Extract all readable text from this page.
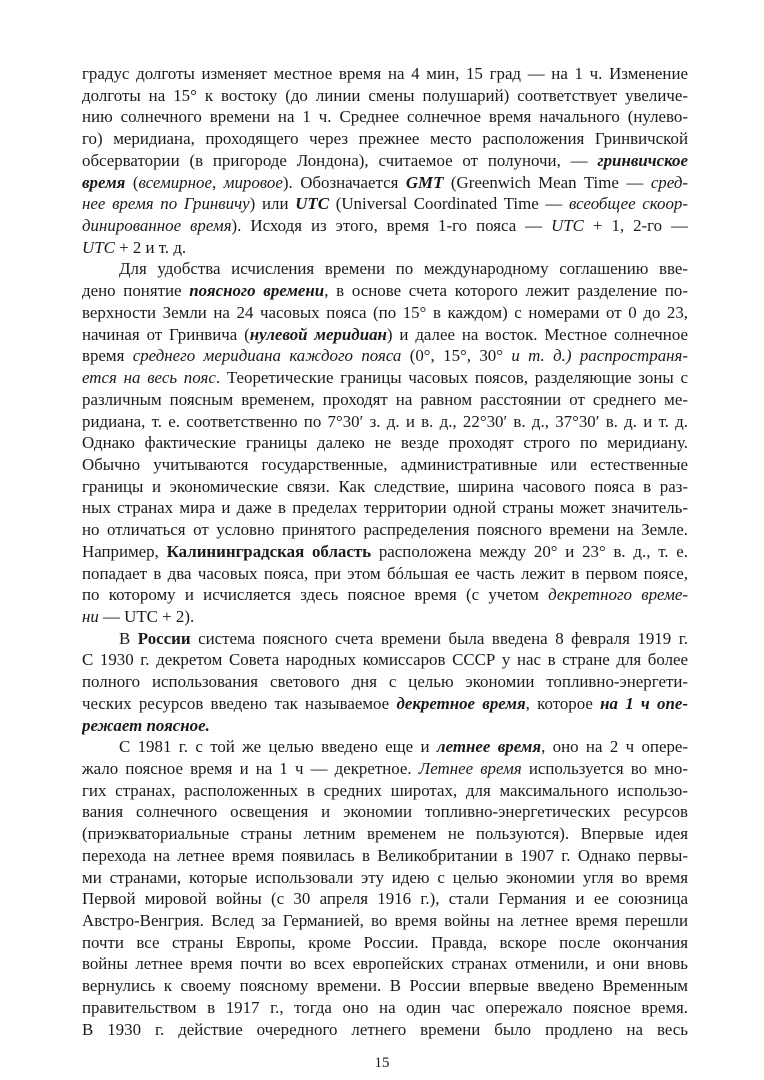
градус долготы изменяет местное время на 4 мин, 15 град — на 1 ч. Изменение
долготы на 15° к востоку (до линии смены полушарий) соответствует увеличе-
нию солнечного времени на 1 ч. Среднее солнечное время начального (нулево-
го) меридиана, проходящего через прежнее место расположения Гринвичской
обсерватории (в пригороде Лондона), считаемое от полуночи, — гринвичское
время (всемирное, мировое). Обозначается GMT (Greenwich Mean Time — сред-
нее время по Гринвичу) или UTC (Universal Coordinated Time — всеобщее скоор-
динированное время). Исходя из этого, время 1-го пояса — UTC + 1, 2-го —
UTC + 2 и т. д.
Для удобства исчисления времени по международному соглашению вве-
дено понятие поясного времени, в основе счета которого лежит разделение по-
верхности Земли на 24 часовых пояса (по 15° в каждом) с номерами от 0 до 23,
начиная от Гринвича (нулевой меридиан) и далее на восток. Местное солнечное
время среднего меридиана каждого пояса (0°, 15°, 30° и т. д.) распространя-
ется на весь пояс. Теоретические границы часовых поясов, разделяющие зоны с
различным поясным временем, проходят на равном расстоянии от среднего ме-
ридиана, т. е. соответственно по 7°30′ з. д. и в. д., 22°30′ в. д., 37°30′ в. д. и т. д.
Однако фактические границы далеко не везде проходят строго по меридиану.
Обычно учитываются государственные, административные или естественные
границы и экономические связи. Как следствие, ширина часового пояса в раз-
ных странах мира и даже в пределах территории одной страны может значитель-
но отличаться от условно принятого распределения поясного времени на Земле.
Например, Калининградская область расположена между 20° и 23° в. д., т. е.
попадает в два часовых пояса, при этом бóльшая ее часть лежит в первом поясе,
по которому и исчисляется здесь поясное время (с учетом декретного време-
ни — UTC + 2).
В России система поясного счета времени была введена 8 февраля 1919 г.
С 1930 г. декретом Совета народных комиссаров СССР у нас в стране для более
полного использования светового дня с целью экономии топливно-энергети-
ческих ресурсов введено так называемое декретное время, которое на 1 ч опе-
режает поясное.
С 1981 г. с той же целью введено еще и летнее время, оно на 2 ч опере-
жало поясное время и на 1 ч — декретное. Летнее время используется во мно-
гих странах, расположенных в средних широтах, для максимального использо-
вания солнечного освещения и экономии топливно-энергетических ресурсов
(приэкваториальные страны летним временем не пользуются). Впервые идея
перехода на летнее время появилась в Великобритании в 1907 г. Однако первы-
ми странами, которые использовали эту идею с целью экономии угля во время
Первой мировой войны (с 30 апреля 1916 г.), стали Германия и ее союзница
Австро-Венгрия. Вслед за Германией, во время войны на летнее время перешли
почти все страны Европы, кроме России. Правда, вскоре после окончания
войны летнее время почти во всех европейских странах отменили, и они вновь
вернулись к своему поясному времени. В России впервые введено Временным
правительством в 1917 г., тогда оно на один час опережало поясное время.
В 1930 г. действие очередного летнего времени было продлено на весь
15
